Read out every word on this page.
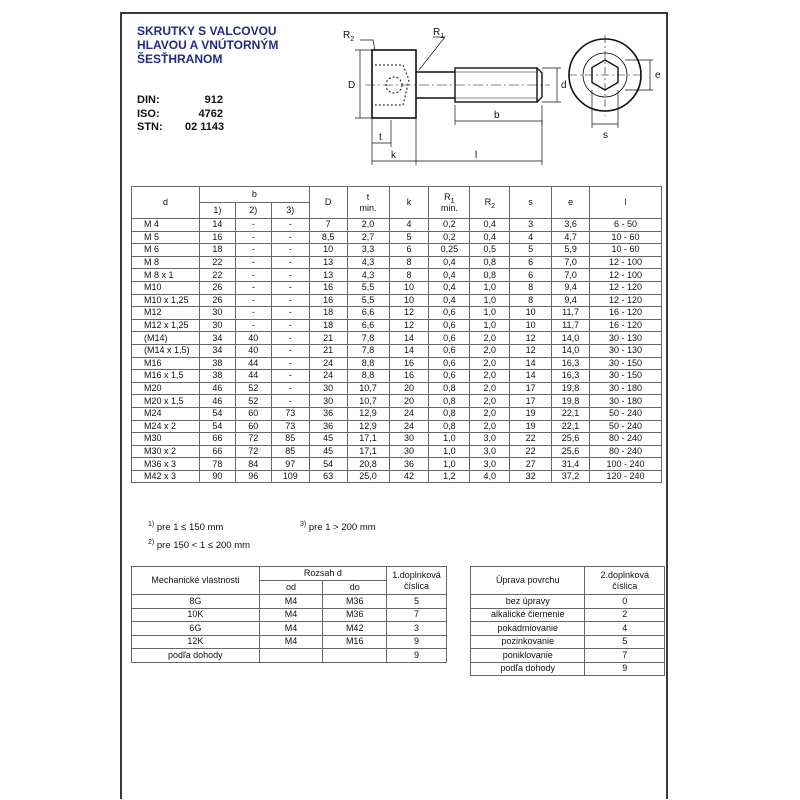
SKRUTKY S VALCOVOU
HLAVOU A VNÚTORNÝM
ŠESŤHRANOM
DIN:	912
ISO:	4762
STN:	02 1143
$R_2$
$R_1$
D	d
b
t
k	l
s
e
d	b			D	t
min.	k	$R_1$
min.	$R_2$	s	e	l
	1)	2)	3)								
M 4	14	-	-	7	2,0	4	0,2	0,4	3	3,6	6 - 50
M 5	16	-	-	8,5	2,7	5	0,2	0,4	4	4,7	10 - 60
M 6	18	-	-	10	3,3	6	0,25	0,5	5	5,9	10 - 60
M 8	22	-	-	13	4,3	8	0,4	0,8	6	7,0	12 - 100
M 8 x 1	22	-	-	13	4,3	8	0,4	0,8	6	7,0	12 - 100
M10	26	-	-	16	5,5	10	0,4	1,0	8	9,4	12 - 120
M10 x 1,25	26	-	-	16	5,5	10	0,4	1,0	8	9,4	12 - 120
M12	30	-	-	18	6,6	12	0,6	1,0	10	11,7	16 - 120
M12 x 1,25	30	-	-	18	6,6	12	0,6	1,0	10	11,7	16 - 120
(M14)	34	40	-	21	7,8	14	0,6	2,0	12	14,0	30 - 130
(M14 x 1,5)	34	40	-	21	7,8	14	0,6	2,0	12	14,0	30 - 130
M16	38	44	-	24	8,8	16	0,6	2,0	14	16,3	30 - 150
M16 x 1,5	38	44	-	24	8,8	16	0,6	2,0	14	16,3	30 - 150
M20	46	52	-	30	10,7	20	0,8	2,0	17	19,8	30 - 180
M20 x 1,5	46	52	-	30	10,7	20	0,8	2,0	17	19,8	30 - 180
M24	54	60	73	36	12,9	24	0,8	2,0	19	22,1	50 - 240
M24 x 2	54	60	73	36	12,9	24	0,8	2,0	19	22,1	50 - 240
M30	66	72	85	45	17,1	30	1,0	3,0	22	25,6	80 - 240
M30 x 2	66	72	85	45	17,1	30	1,0	3,0	22	25,6	80 - 240
M36 x 3	78	84	97	54	20,8	36	1,0	3,0	27	31,4	100 - 240
M42 x 3	90	96	109	63	25,0	42	1,2	4,0	32	37,2	120 - 240
$^{1)}$ pre 1 ≤ 150 mm	$^{3)}$ pre 1 > 200 mm
$^{2)}$ pre 150 < 1 ≤ 200 mm
Mechanické vlastnosti	Rozsah d		1.doplnková
číslica
	od	do	
8G	M4	M36	5
10K	M4	M36	7
6G	M4	M42	3
12K	M4	M16	9
podľa dohody			9
Úprava povrchu	2.doplnková
číslica
bez úpravy	0
alkalické čiernenie	2
pokadmiovanie	4
pozinkovanie	5
poniklovanie	7
podľa dohody	9
